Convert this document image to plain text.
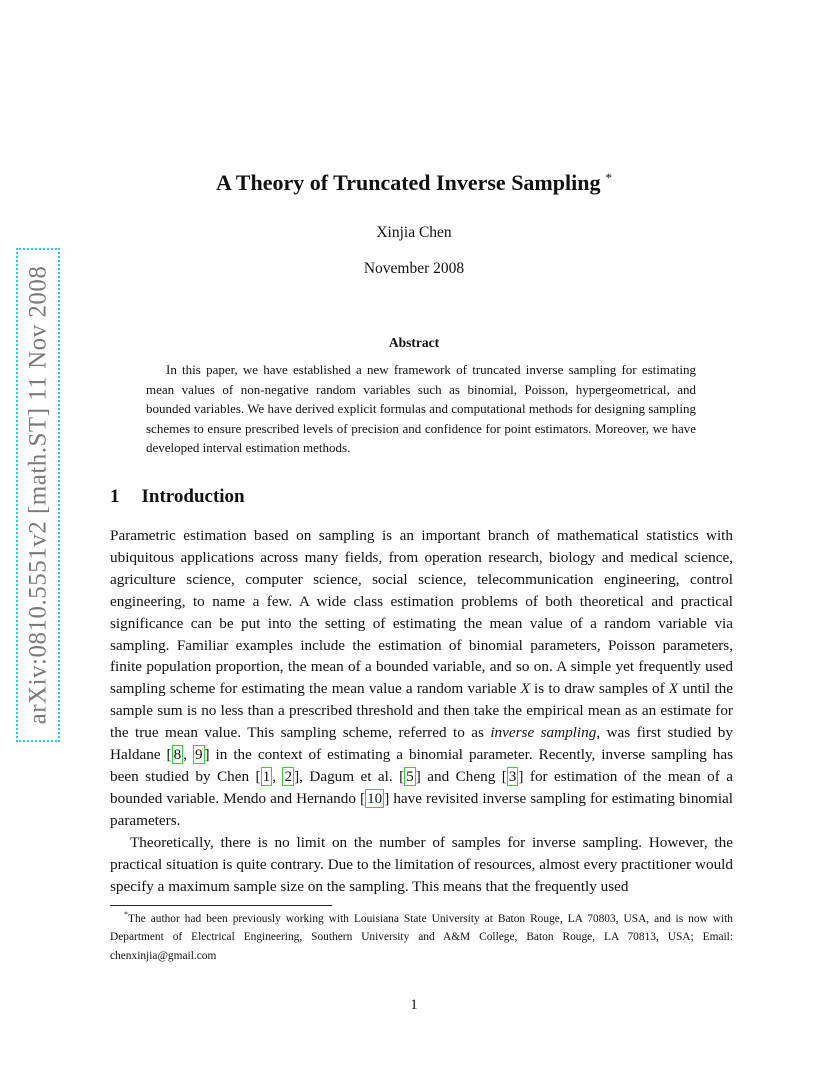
arXiv:0810.5551v2 [math.ST] 11 Nov 2008
A Theory of Truncated Inverse Sampling *
Xinjia Chen
November 2008
Abstract
In this paper, we have established a new framework of truncated inverse sampling for estimating mean values of non-negative random variables such as binomial, Poisson, hypergeometrical, and bounded variables. We have derived explicit formulas and computational methods for designing sampling schemes to ensure prescribed levels of precision and confidence for point estimators. Moreover, we have developed interval estimation methods.
1 Introduction

Parametric estimation based on sampling is an important branch of mathematical statistics with ubiquitous applications across many fields, from operation research, biology and medical science, agriculture science, computer science, social science, telecommunication engineering, control engineering, to name a few. A wide class estimation problems of both theoretical and practical significance can be put into the setting of estimating the mean value of a random variable via sampling. Familiar examples include the estimation of binomial parameters, Poisson parameters, finite population proportion, the mean of a bounded variable, and so on. A simple yet frequently used sampling scheme for estimating the mean value a random variable X is to draw samples of X until the sample sum is no less than a prescribed threshold and then take the empirical mean as an estimate for the true mean value. This sampling scheme, referred to as inverse sampling, was first studied by Haldane [ 8 , 9 ] in the context of estimating a binomial parameter. Recently, inverse sampling has been studied by Chen [ 1 , 2 ], Dagum et al. [ 5 ] and Cheng [ 3 ] for estimation of the mean of a bounded variable. Mendo and Hernando [ 10 ] have revisited inverse sampling for estimating binomial parameters.

Theoretically, there is no limit on the number of samples for inverse sampling. However, the practical situation is quite contrary. Due to the limitation of resources, almost every practitioner would specify a maximum sample size on the sampling. This means that the frequently used

*The author had been previously working with Louisiana State University at Baton Rouge, LA 70803, USA, and is now with Department of Electrical Engineering, Southern University and A&M College, Baton Rouge, LA 70813, USA; Email: chenxinjia@gmail.com
1
